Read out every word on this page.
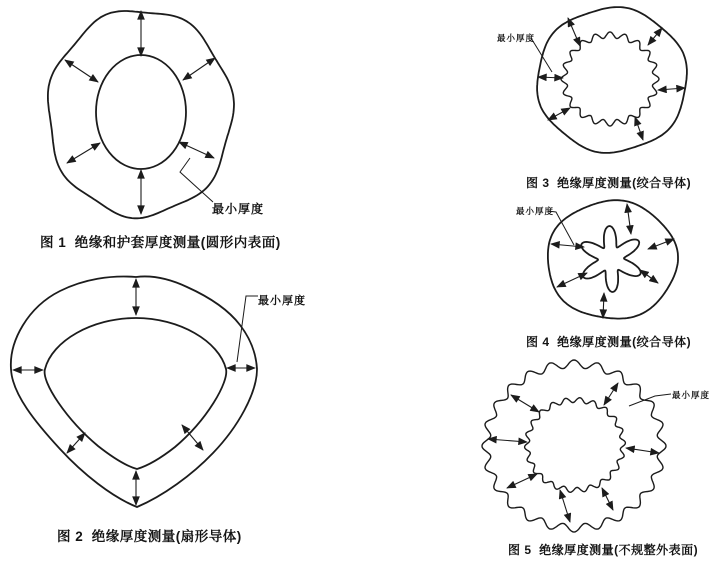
最小厚度
最小厚度
最小厚度
最小厚度
最小厚度
图 1  绝缘和护套厚度测量(圆形内表面)
图 2  绝缘厚度测量(扇形导体)
图 3  绝缘厚度测量(绞合导体)
图 4  绝缘厚度测量(绞合导体)
图 5  绝缘厚度测量(不规整外表面)
